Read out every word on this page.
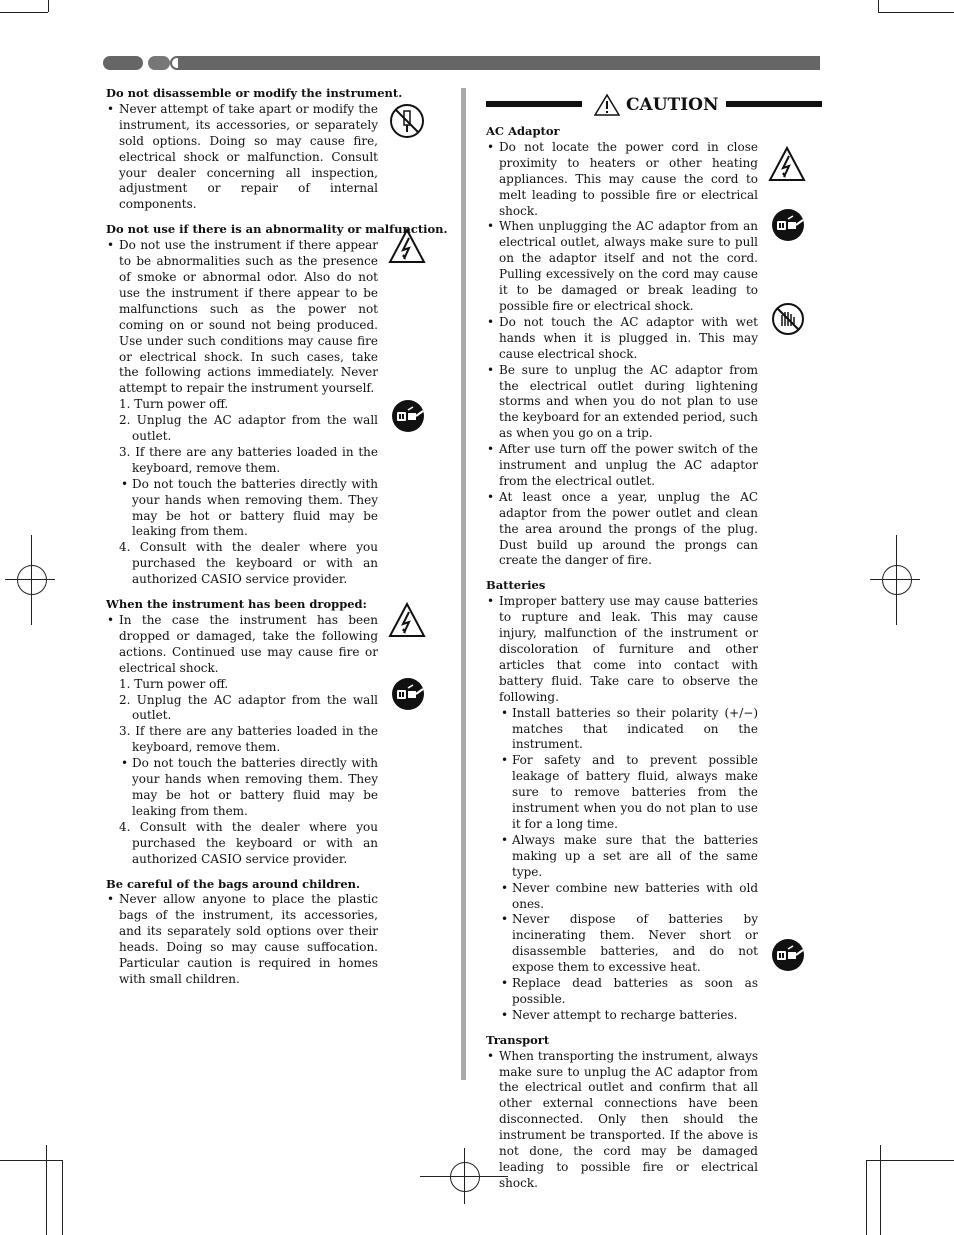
Do not disassemble or modify the instrument.

• Never attempt of take apart or modify the instrument, its accessories, or separately sold options. Doing so may cause fire, electrical shock or malfunction. Consult your dealer concerning all inspection, adjustment or repair of internal components.

Do not use if there is an abnormality or malfunction.

• Do not use the instrument if there appear to be abnormalities such as the presence of smoke or abnormal odor. Also do not use the instrument if there appear to be malfunctions such as the power not coming on or sound not being produced. Use under such conditions may cause fire or electrical shock. In such cases, take the following actions immediately. Never attempt to repair the instrument yourself.
1. Turn power off.
2. Unplug the AC adaptor from the wall outlet.
3. If there are any batteries loaded in the keyboard, remove them.
• Do not touch the batteries directly with your hands when removing them. They may be hot or battery fluid may be leaking from them.
4. Consult with the dealer where you purchased the keyboard or with an authorized CASIO service provider.

When the instrument has been dropped:

• In the case the instrument has been dropped or damaged, take the following actions. Continued use may cause fire or electrical shock.
1. Turn power off.
2. Unplug the AC adaptor from the wall outlet.
3. If there are any batteries loaded in the keyboard, remove them.
• Do not touch the batteries directly with your hands when removing them. They may be hot or battery fluid may be leaking from them.
4. Consult with the dealer where you purchased the keyboard or with an authorized CASIO service provider.

Be careful of the bags around children.

• Never allow anyone to place the plastic bags of the instrument, its accessories, and its separately sold options over their heads. Doing so may cause suffocation. Particular caution is required in homes with small children.
CAUTION

AC Adaptor

• Do not locate the power cord in close proximity to heaters or other heating appliances. This may cause the cord to melt leading to possible fire or electrical shock.
• When unplugging the AC adaptor from an electrical outlet, always make sure to pull on the adaptor itself and not the cord. Pulling excessively on the cord may cause it to be damaged or break leading to possible fire or electrical shock.
• Do not touch the AC adaptor with wet hands when it is plugged in. This may cause electrical shock.
• Be sure to unplug the AC adaptor from the electrical outlet during lightening storms and when you do not plan to use the keyboard for an extended period, such as when you go on a trip.
• After use turn off the power switch of the instrument and unplug the AC adaptor from the electrical outlet.
• At least once a year, unplug the AC adaptor from the power outlet and clean the area around the prongs of the plug. Dust build up around the prongs can create the danger of fire.

Batteries

• Improper battery use may cause batteries to rupture and leak. This may cause injury, malfunction of the instrument or discoloration of furniture and other articles that come into contact with battery fluid. Take care to observe the following.
• Install batteries so their polarity (+/−) matches that indicated on the instrument.
• For safety and to prevent possible leakage of battery fluid, always make sure to remove batteries from the instrument when you do not plan to use it for a long time.
• Always make sure that the batteries making up a set are all of the same type.
• Never combine new batteries with old ones.
• Never dispose of batteries by incinerating them. Never short or disassemble batteries, and do not expose them to excessive heat.
• Replace dead batteries as soon as possible.
• Never attempt to recharge batteries.

Transport

• When transporting the instrument, always make sure to unplug the AC adaptor from the electrical outlet and confirm that all other external connections have been disconnected. Only then should the instrument be transported. If the above is not done, the cord may be damaged leading to possible fire or electrical shock.
